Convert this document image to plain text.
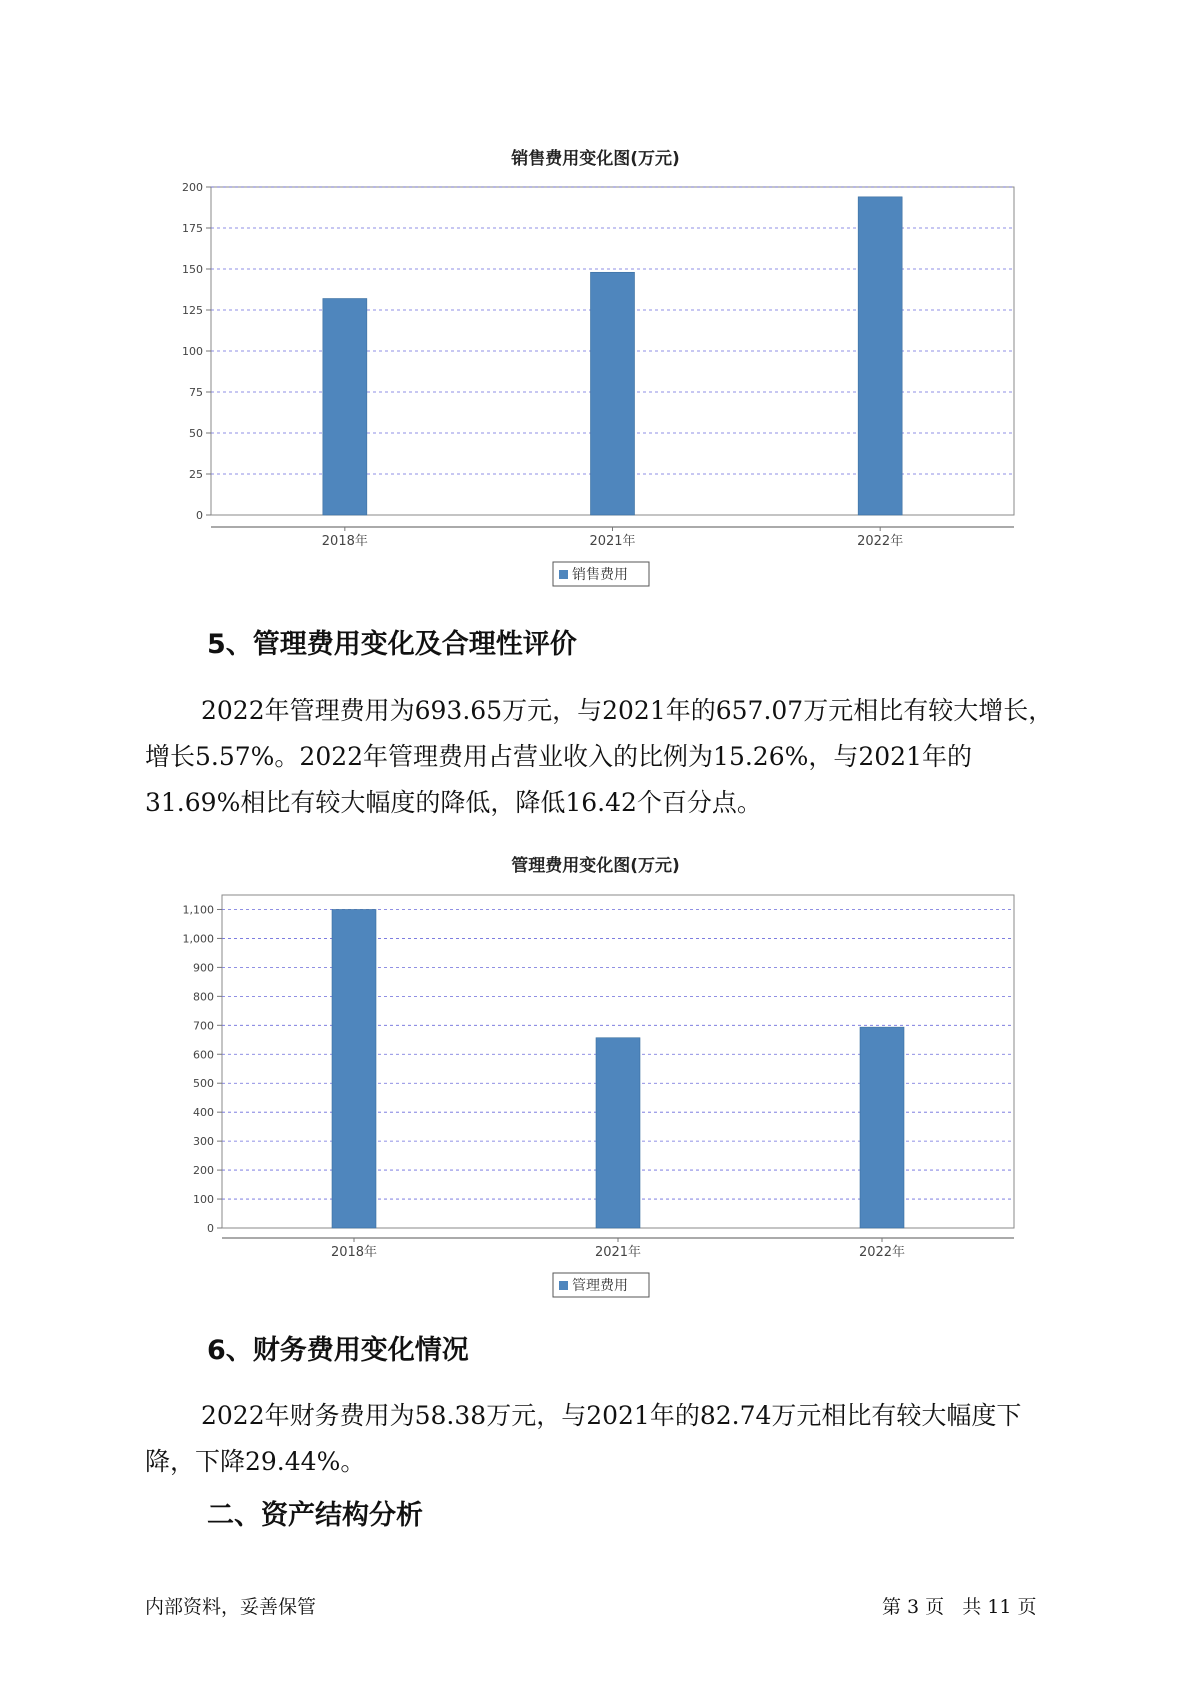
销售费用变化图(万元)
0
25
50
75
100
125
150
175
200
2018年	2021年	2022年
销售费用
5、管理费用变化及合理性评价

2022年管理费用为693.65万元，与2021年的657.07万元相比有较大增长，增长5.57%。2022年管理费用占营业收入的比例为15.26%，与2021年的31.69%相比有较大幅度的降低，降低16.42个百分点。

管理费用变化图(万元)
0
100
200
300
400
500
600
700
800
900
1,000
1,100
2018年	2021年	2022年
管理费用
6、财务费用变化情况

2022年财务费用为58.38万元，与2021年的82.74万元相比有较大幅度下降，下降29.44%。

二、资产结构分析
内部资料，妥善保管	第 3 页   共 11 页
